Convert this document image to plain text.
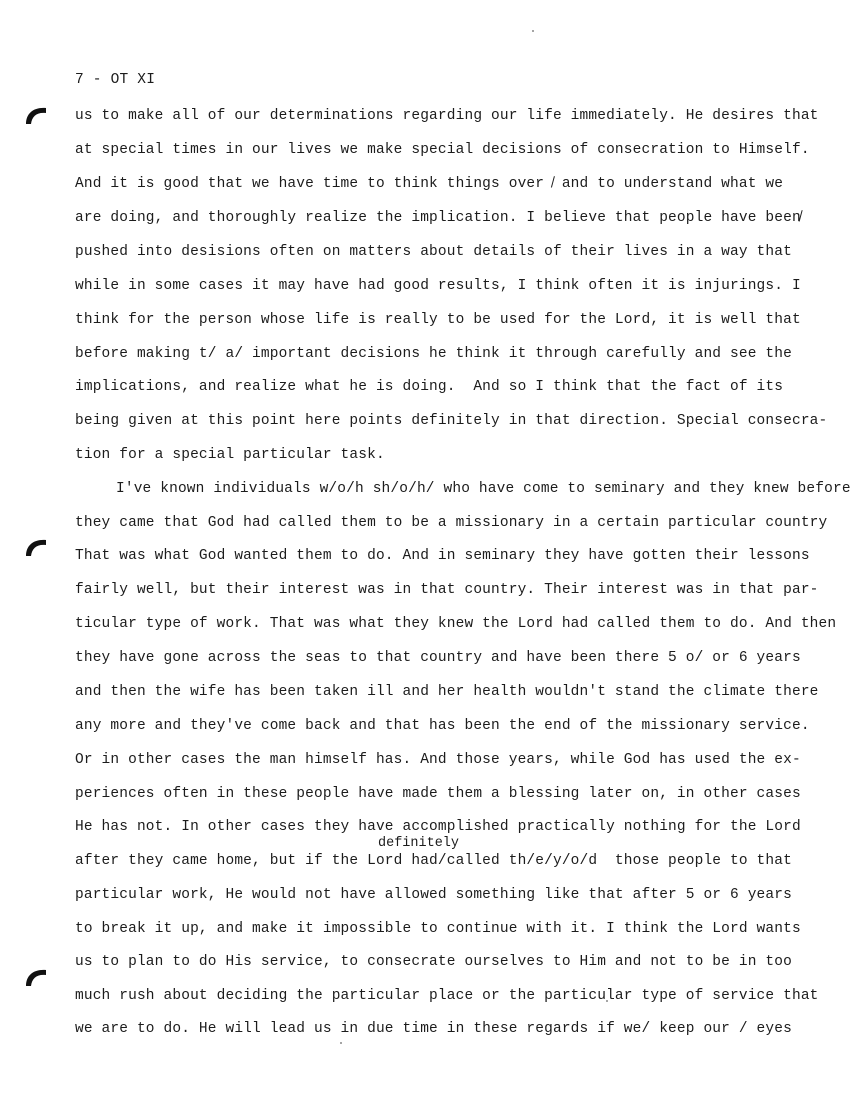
7 - OT XI
us to make all of our determinations regarding our life immediately. He desires that
at special times in our lives we make special decisions of consecration to Himself.
And it is good that we have time to think things over ̸ and to understand what we
are doing, and thoroughly realize the implication. I believe that people have been̸
pushed into desisions often on matters about details of their lives in a way that
while in some cases it may have had good results, I think often it is injurings. I
think for the person whose life is really to be used for the Lord, it is well that
before making t/ a/ important decisions he think it through carefully and see the
implications, and realize what he is doing.  And so I think that the fact of its
being given at this point here points definitely in that direction. Special consecra-
tion for a special particular task.
I've known individuals w/o/h sh/o/h/ who have come to seminary and they knew before
they came that God had called them to be a missionary in a certain particular country
That was what God wanted them to do. And in seminary they have gotten their lessons
fairly well, but their interest was in that country. Their interest was in that par-
ticular type of work. That was what they knew the Lord had called them to do. And then
they have gone across the seas to that country and have been there 5 o/ or 6 years
and then the wife has been taken ill and her health wouldn't stand the climate there
any more and they've come back and that has been the end of the missionary service.
Or in other cases the man himself has. And those years, while God has used the ex-
periences often in these people have made them a blessing later on, in other cases
He has not. In other cases they have accomplished practically nothing for the Lord
definitely
after they came home, but if the Lord had/called th/e/y/o/d  those people to that
particular work, He would not have allowed something like that after 5 or 6 years
to break it up, and make it impossible to continue with it. I think the Lord wants
us to plan to do His service, to consecrate ourselves to Him and not to be in too
much rush about deciding the particular place or the particular type of service that
we are to do. He will lead us in due time in these regards if we/ keep our / eyes
